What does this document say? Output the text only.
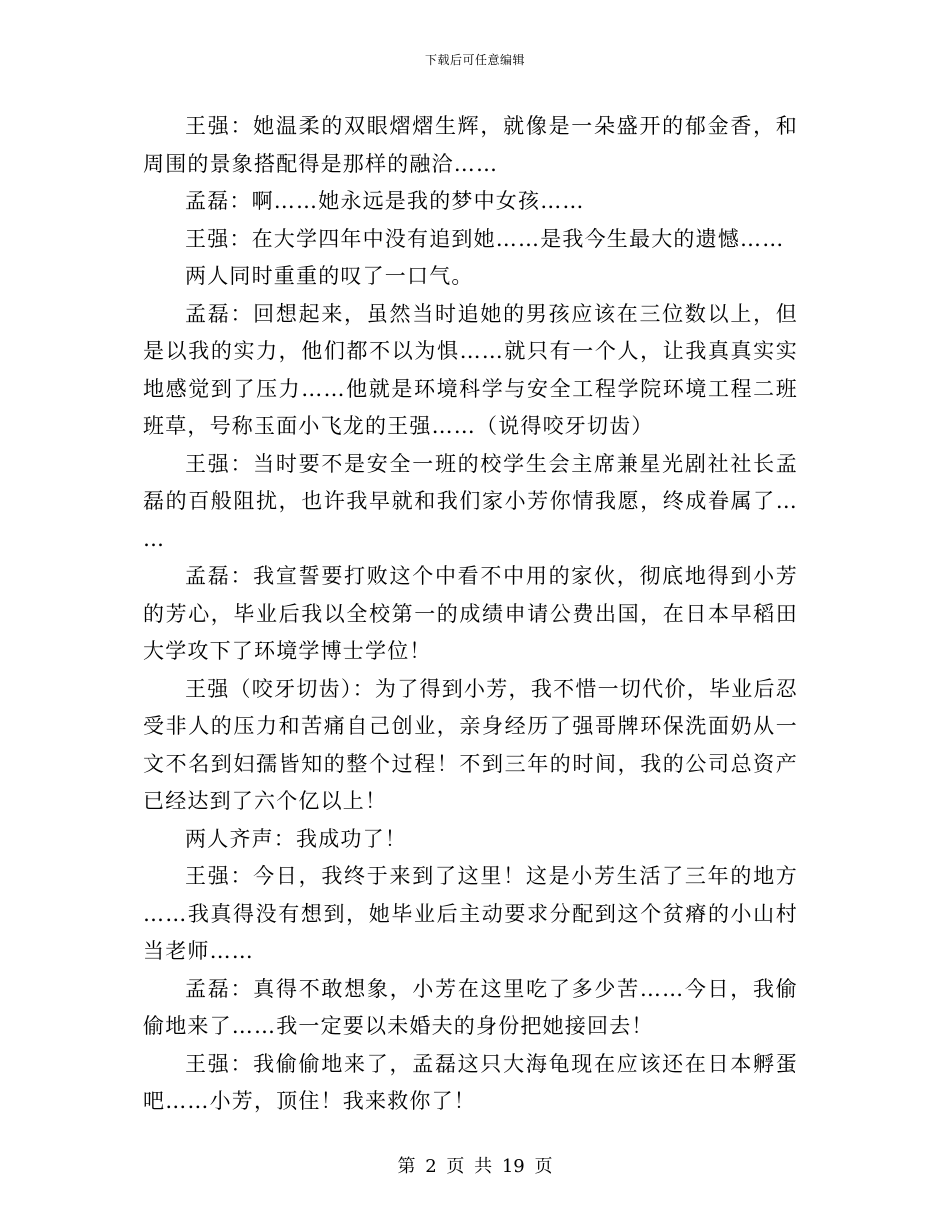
下载后可任意编辑

王强：她温柔的双眼熠熠生辉，就像是一朵盛开的郁金香，和周围的景象搭配得是那样的融洽……

孟磊：啊……她永远是我的梦中女孩……

王强：在大学四年中没有追到她……是我今生最大的遗憾……

两人同时重重的叹了一口气。

孟磊：回想起来，虽然当时追她的男孩应该在三位数以上，但是以我的实力，他们都不以为惧……就只有一个人，让我真真实实地感觉到了压力……他就是环境科学与安全工程学院环境工程二班班草，号称玉面小飞龙的王强……（说得咬牙切齿）

王强：当时要不是安全一班的校学生会主席兼星光剧社社长孟磊的百般阻扰，也许我早就和我们家小芳你情我愿，终成眷属了……

孟磊：我宣誓要打败这个中看不中用的家伙，彻底地得到小芳的芳心，毕业后我以全校第一的成绩申请公费出国，在日本早稻田大学攻下了环境学博士学位！

王强（咬牙切齿）：为了得到小芳，我不惜一切代价，毕业后忍受非人的压力和苦痛自己创业，亲身经历了强哥牌环保洗面奶从一文不名到妇孺皆知的整个过程！不到三年的时间，我的公司总资产已经达到了六个亿以上！

两人齐声：我成功了！

王强：今日，我终于来到了这里！这是小芳生活了三年的地方……我真得没有想到，她毕业后主动要求分配到这个贫瘠的小山村当老师……

孟磊：真得不敢想象，小芳在这里吃了多少苦……今日，我偷偷地来了……我一定要以未婚夫的身份把她接回去！

王强：我偷偷地来了，孟磊这只大海龟现在应该还在日本孵蛋吧……小芳，顶住！我来救你了！

第 2 页 共 19 页
